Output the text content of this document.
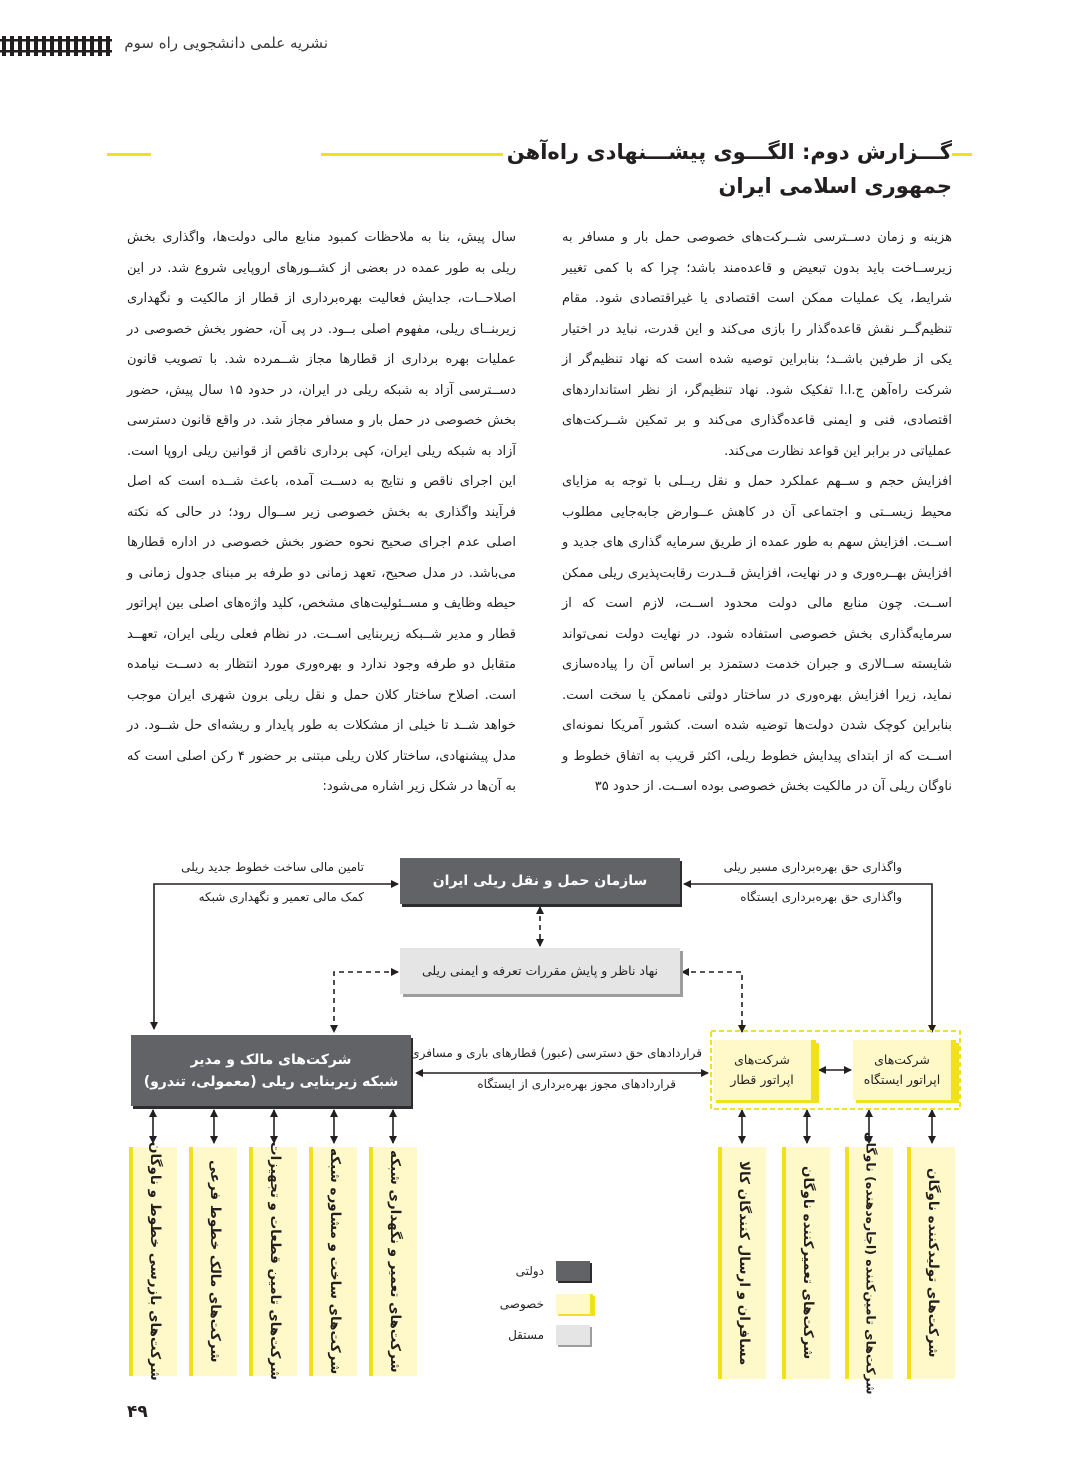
نشریه علمی دانشجویی راه سوم
گـــزارش دوم: الگـــوی پیشـــنهادی راه‌آهن
جمهوری اسلامی ایران

هزینه و زمان دســترسی شــرکت‌های خصوصی حمل بار و مسافر به زیرســاخت باید بدون تبعیض و قاعده‌مند باشد؛ چرا که با کمی تغییر شرایط، یک عملیات ممکن است اقتصادی یا غیراقتصادی شود. مقام تنظیم‌گــر نقش قاعده‌گذار را بازی می‌کند و این قدرت، نباید در اختیار یکی از طرفین باشــد؛ بنابراین توصیه شده است که نهاد تنظیم‌گر از شرکت راه‌آهن ج.ا.ا تفکیک شود. نهاد تنظیم‌گر، از نظر استانداردهای اقتصادی، فنی و ایمنی قاعده‌گذاری می‌کند و بر تمکین شــرکت‌های عملیاتی در برابر این قواعد نظارت می‌کند.

افزایش حجم و ســهم عملکرد حمل و نقل ریــلی با توجه به مزایای محیط زیســتی و اجتماعی آن در کاهش عــوارض جابه‌جایی مطلوب اســت. افزایش سهم به طور عمده از طریق سرمایه گذاری های جدید و افزایش بهــره‌وری و در نهایت، افزایش قــدرت رقابت‌پذیری ریلی ممکن اســت. چون منابع مالی دولت محدود اســت، لازم است که از سرمایه‌گذاری بخش خصوصی استفاده شود. در نهایت دولت نمی‌تواند شایسته ســالاری و جبران خدمت دستمزد بر اساس آن را پیاده‌سازی نماید، زیرا افزایش بهره‌وری در ساختار دولتی ناممکن یا سخت است. بنابراین کوچک شدن دولت‌ها توضیه شده است. کشور آمریکا نمونه‌ای اســت که از ابتدای پیدایش خطوط ریلی، اکثر قریب به اتفاق خطوط و ناوگان ریلی آن در مالکیت بخش خصوصی بوده اســت. از حدود ۳۵

سال پیش، بنا به ملاحظات کمبود منابع مالی دولت‌ها، واگذاری بخش ریلی به طور عمده در بعضی از کشــورهای اروپایی شروع شد. در این اصلاحــات، جدایش فعالیت بهره‌برداری از قطار از مالکیت و نگهداری زیربنــای ریلی، مفهوم اصلی بــود. در پی آن، حضور بخش خصوصی در عملیات بهره برداری از قطارها مجاز شــمرده شد. با تصویب قانون دســترسی آزاد به شبکه ریلی در ایران، در حدود ۱۵ سال پیش، حضور بخش خصوصی در حمل بار و مسافر مجاز شد. در واقع قانون دسترسی آزاد به شبکه ریلی ایران، کپی برداری ناقص از قوانین ریلی اروپا است. این اجرای ناقص و نتایج به دســت آمده، باعث شــده است که اصل فرآیند واگذاری به بخش خصوصی زیر ســوال رود؛ در حالی که نکته اصلی عدم اجرای صحیح نحوه حضور بخش خصوصی در اداره قطارها می‌باشد. در مدل صحیح، تعهد زمانی دو طرفه بر مبنای جدول زمانی و حیطه وظایف و مســئولیت‌های مشخص، کلید واژه‌های اصلی بین اپراتور قطار و مدیر شــبکه زیربنایی اســت. در نظام فعلی ریلی ایران، تعهــد متقابل دو طرفه وجود ندارد و بهره‌وری مورد انتظار به دســت نیامده است. اصلاح ساختار کلان حمل و نقل ریلی برون شهری ایران موجب خواهد شــد تا خیلی از مشکلات به طور پایدار و ریشه‌ای حل شــود. در مدل پیشنهادی، ساختار کلان ریلی مبتنی بر حضور ۴ رکن اصلی است که به آن‌ها در شکل زیر اشاره می‌شود:

سازمان حمل و نقل ریلی ایران
نهاد ناظر و پایش مقررات تعرفه و ایمنی ریلی
شرکت‌های مالک و مدیر
شبکه زیربنایی ریلی (معمولی، تندرو)
شرکت‌های
اپراتور قطار
شرکت‌های
اپراتور ایستگاه
تامین مالی ساخت خطوط جدید ریلی
کمک مالی تعمیر و نگهداری شبکه
واگذاری حق بهره‌برداری مسیر ریلی
واگذاری حق بهره‌برداری ایستگاه
قراردادهای حق دسترسی (عبور) قطارهای باری و مسافری
قراردادهای مجوز بهره‌برداری از ایستگاه
شرکت‌های بازرسی خطوط و ناوگان	شرکت‌های مالک خطوط فرعی	شرکت‌های تامین قطعات و تجهیزات	شرکت‌های ساخت و مشاوره شبکه	شرکت‌های تعمیر و نگهداری شبکه	مسافران و ارسال کنندگان کالا	شرکت‌های تعمیرکننده ناوگان	شرکت‌های تامین‌کننده (اجاره‌دهنده) ناوگان	شرکت‌های تولیدکننده ناوگان
دولتی
خصوصی
مستقل
۴۹
